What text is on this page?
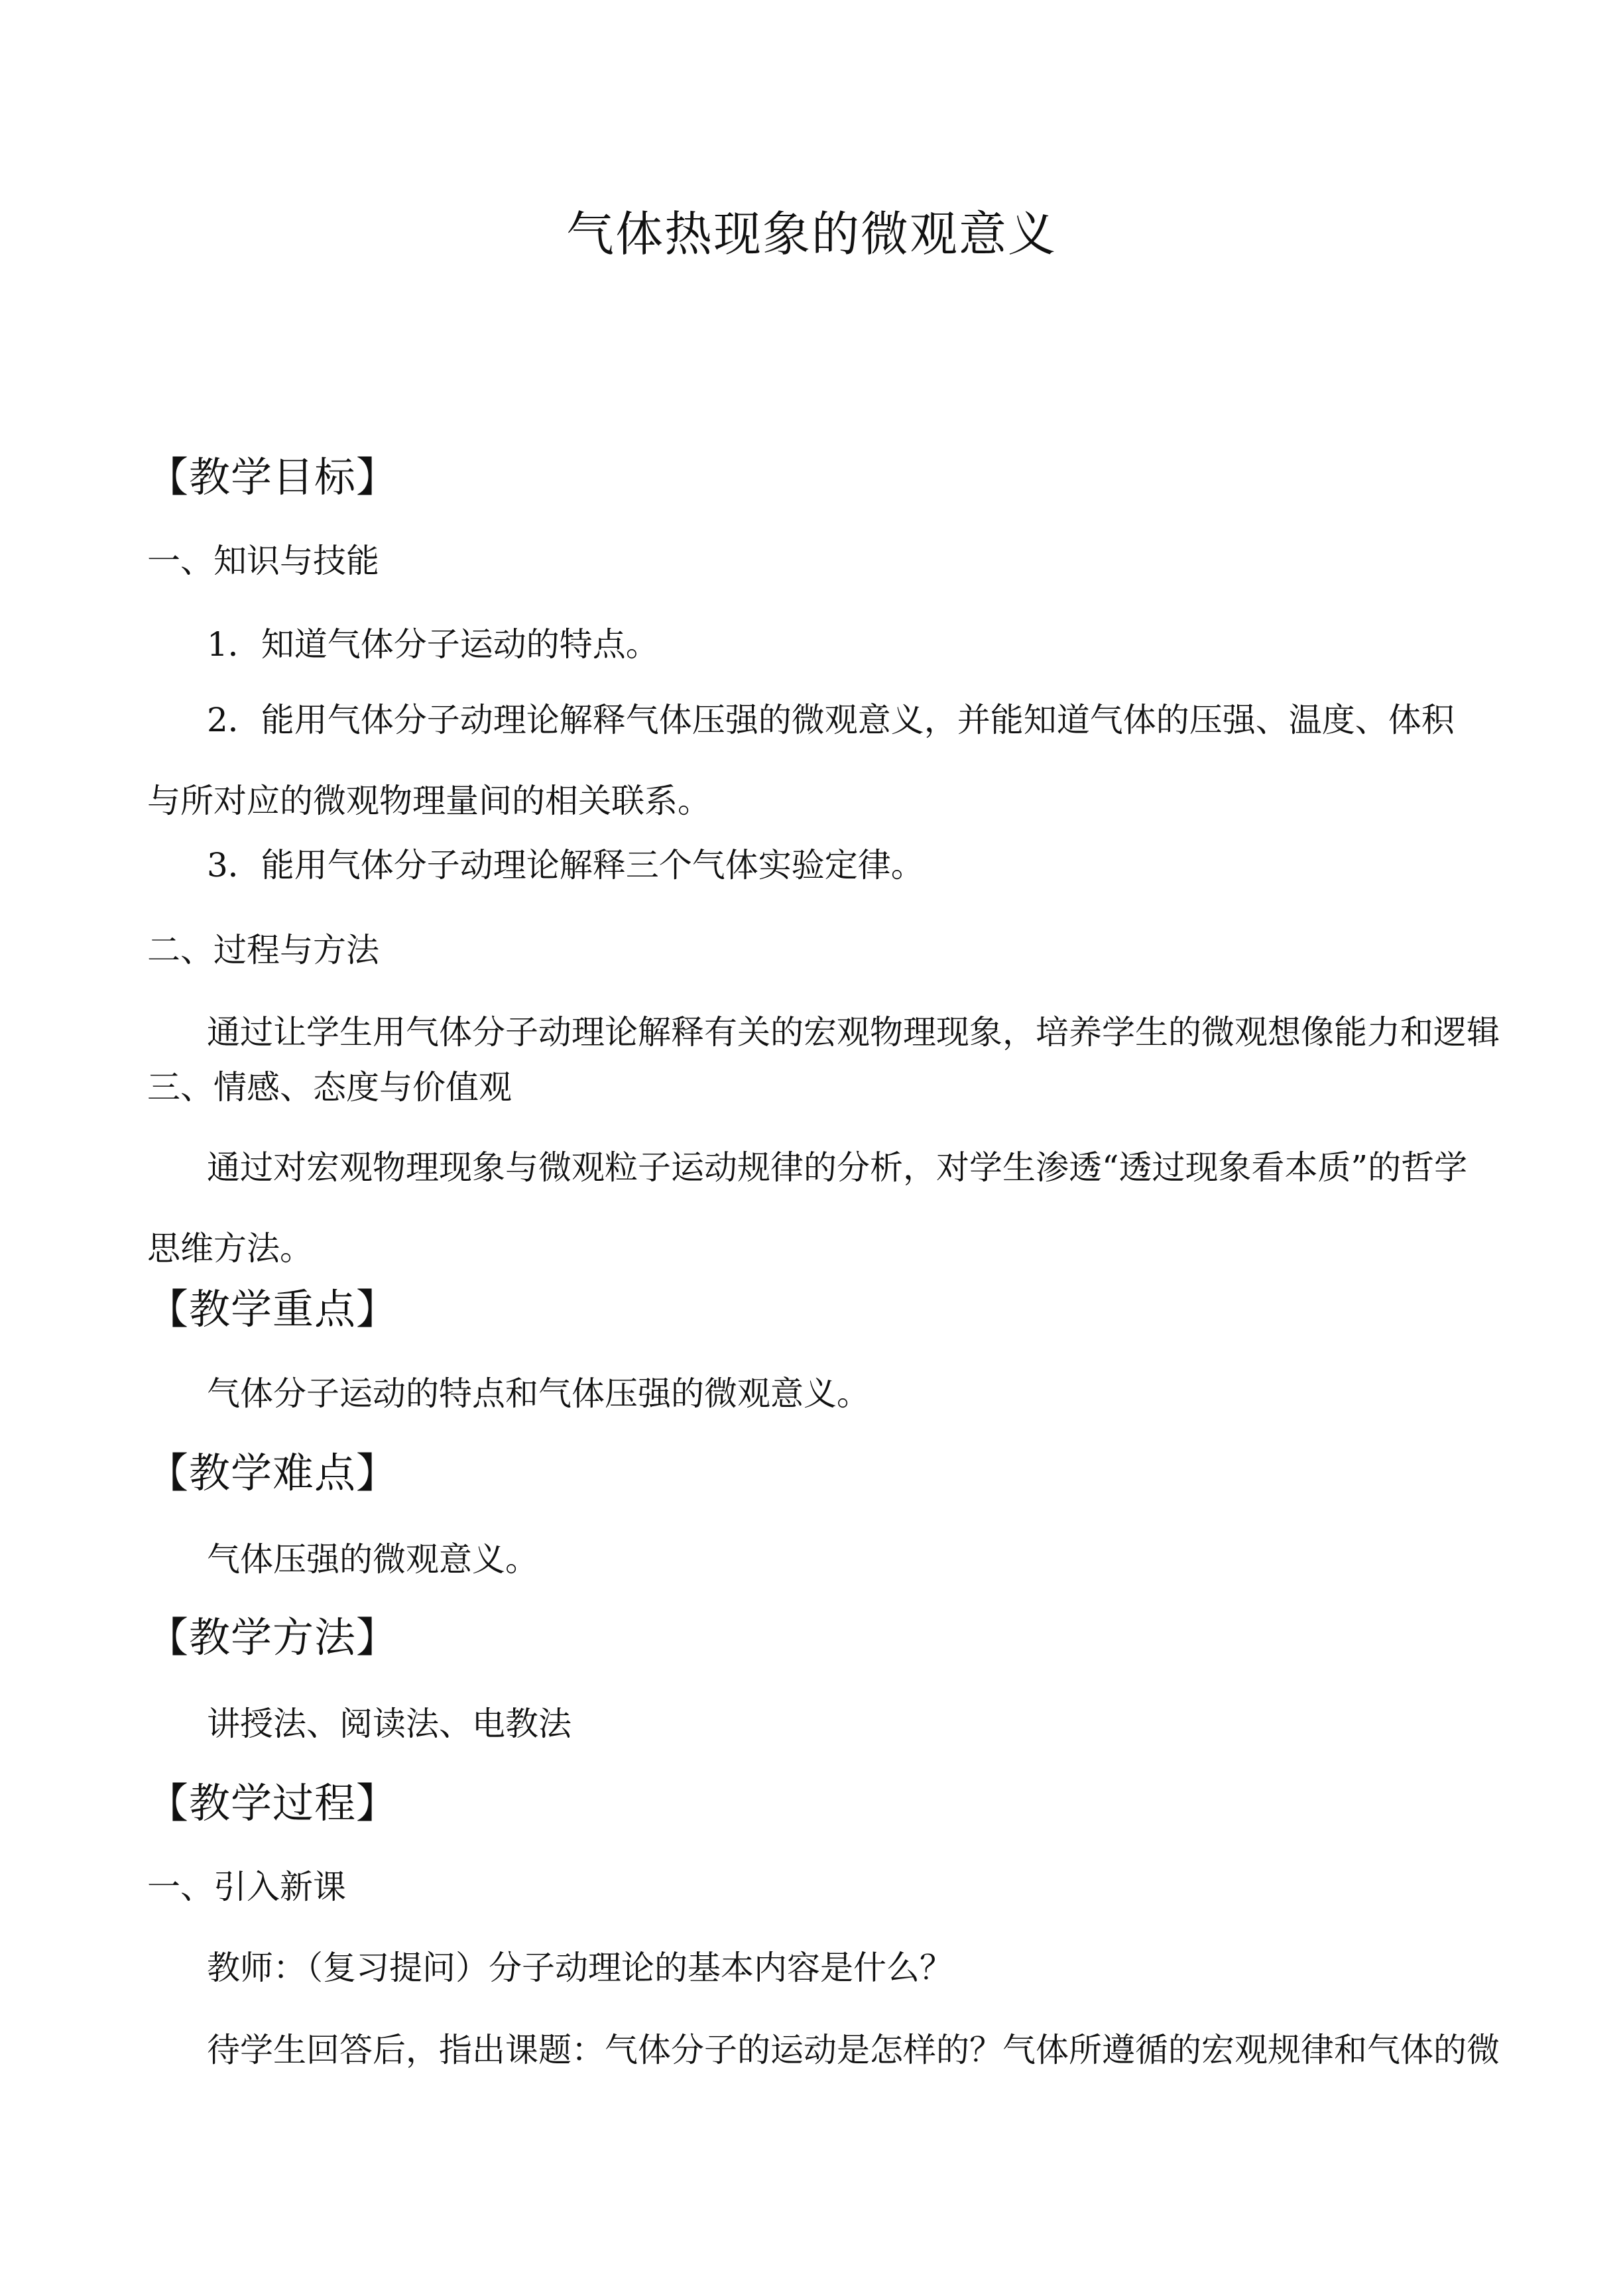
气体热现象的微观意义
【教学目标】
一、知识与技能
1．知道气体分子运动的特点。
2．能用气体分子动理论解释气体压强的微观意义，并能知道气体的压强、温度、体积与所对应的微观物理量间的相关联系。
3．能用气体分子动理论解释三个气体实验定律。
二、过程与方法
通过让学生用气体分子动理论解释有关的宏观物理现象，培养学生的微观想像能力和逻辑
三、情感、态度与价值观
通过对宏观物理现象与微观粒子运动规律的分析，对学生渗透“透过现象看本质”的哲学思维方法。
【教学重点】
气体分子运动的特点和气体压强的微观意义。
【教学难点】
气体压强的微观意义。
【教学方法】
讲授法、阅读法、电教法
【教学过程】
一、引入新课
教师：（复习提问）分子动理论的基本内容是什么？
待学生回答后，指出课题：气体分子的运动是怎样的？气体所遵循的宏观规律和气体的微
